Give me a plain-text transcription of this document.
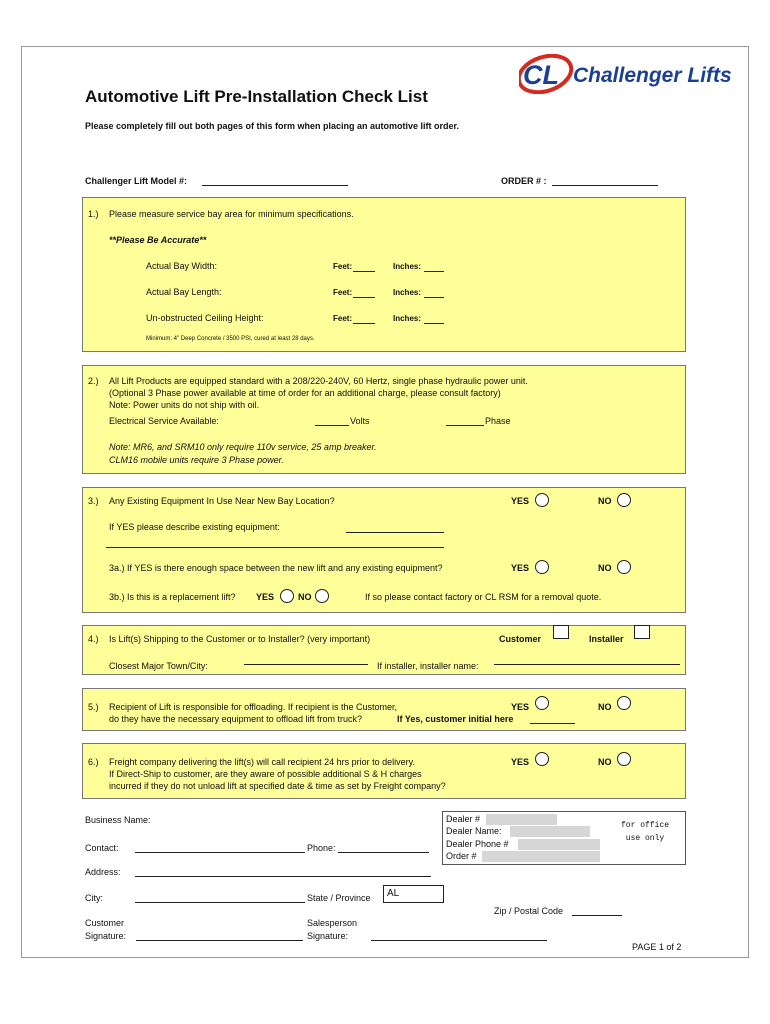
CL Challenger Lifts
Automotive Lift Pre-Installation Check List
Please completely fill out both pages of this form when placing an automotive lift order.
Challenger Lift Model #:	ORDER # :
1.) Please measure service bay area for minimum specifications.
**Please Be Accurate**
Actual Bay Width:	Feet:	Inches:
Actual Bay Length:	Feet:	Inches:
Un-obstructed Ceiling Height:	Feet:	Inches:
Minimum: 4" Deep Concrete / 3500 PSI, cured at least 28 days.
2.) All Lift Products are equipped standard with a 208/220-240V, 60 Hertz, single phase hydraulic power unit.
(Optional 3 Phase power available at time of order for an additional charge, please consult factory)
Note: Power units do not ship with oil.
Electrical Service Available:	Volts	Phase
Note: MR6, and SRM10 only require 110v service, 25 amp breaker.
CLM16 mobile units require 3 Phase power.
3.) Any Existing Equipment In Use Near New Bay Location?	YES	NO
If YES please describe existing equipment:
3a.) If YES is there enough space between the new lift and any existing equipment?	YES	NO
3b.) Is this is a replacement lift? YES	NO	If so please contact factory or CL RSM for a removal quote.
4.) Is Lift(s) Shipping to the Customer or to Installer? (very important)	Customer	Installer
Closest Major Town/City:	If installer, installer name:
5.) Recipient of Lift is responsible for offloading. If recipient is the Customer,
do they have the necessary equipment to offload lift from truck?	If Yes, customer initial here
YES	NO
6.) Freight company delivering the lift(s) will call recipient 24 hrs prior to delivery.
If Direct-Ship to customer, are they aware of possible additional S & H charges
incurred if they do not unload lift at specified date & time as set by Freight company?
YES	NO
Business Name:
Contact:	Phone:
Address:
City:	State / Province	AL
Zip / Postal Code
Customer
Signature:
Salesperson
Signature:
PAGE 1 of 2
Dealer #
Dealer Name:
Dealer Phone #
Order #
for office
use only
